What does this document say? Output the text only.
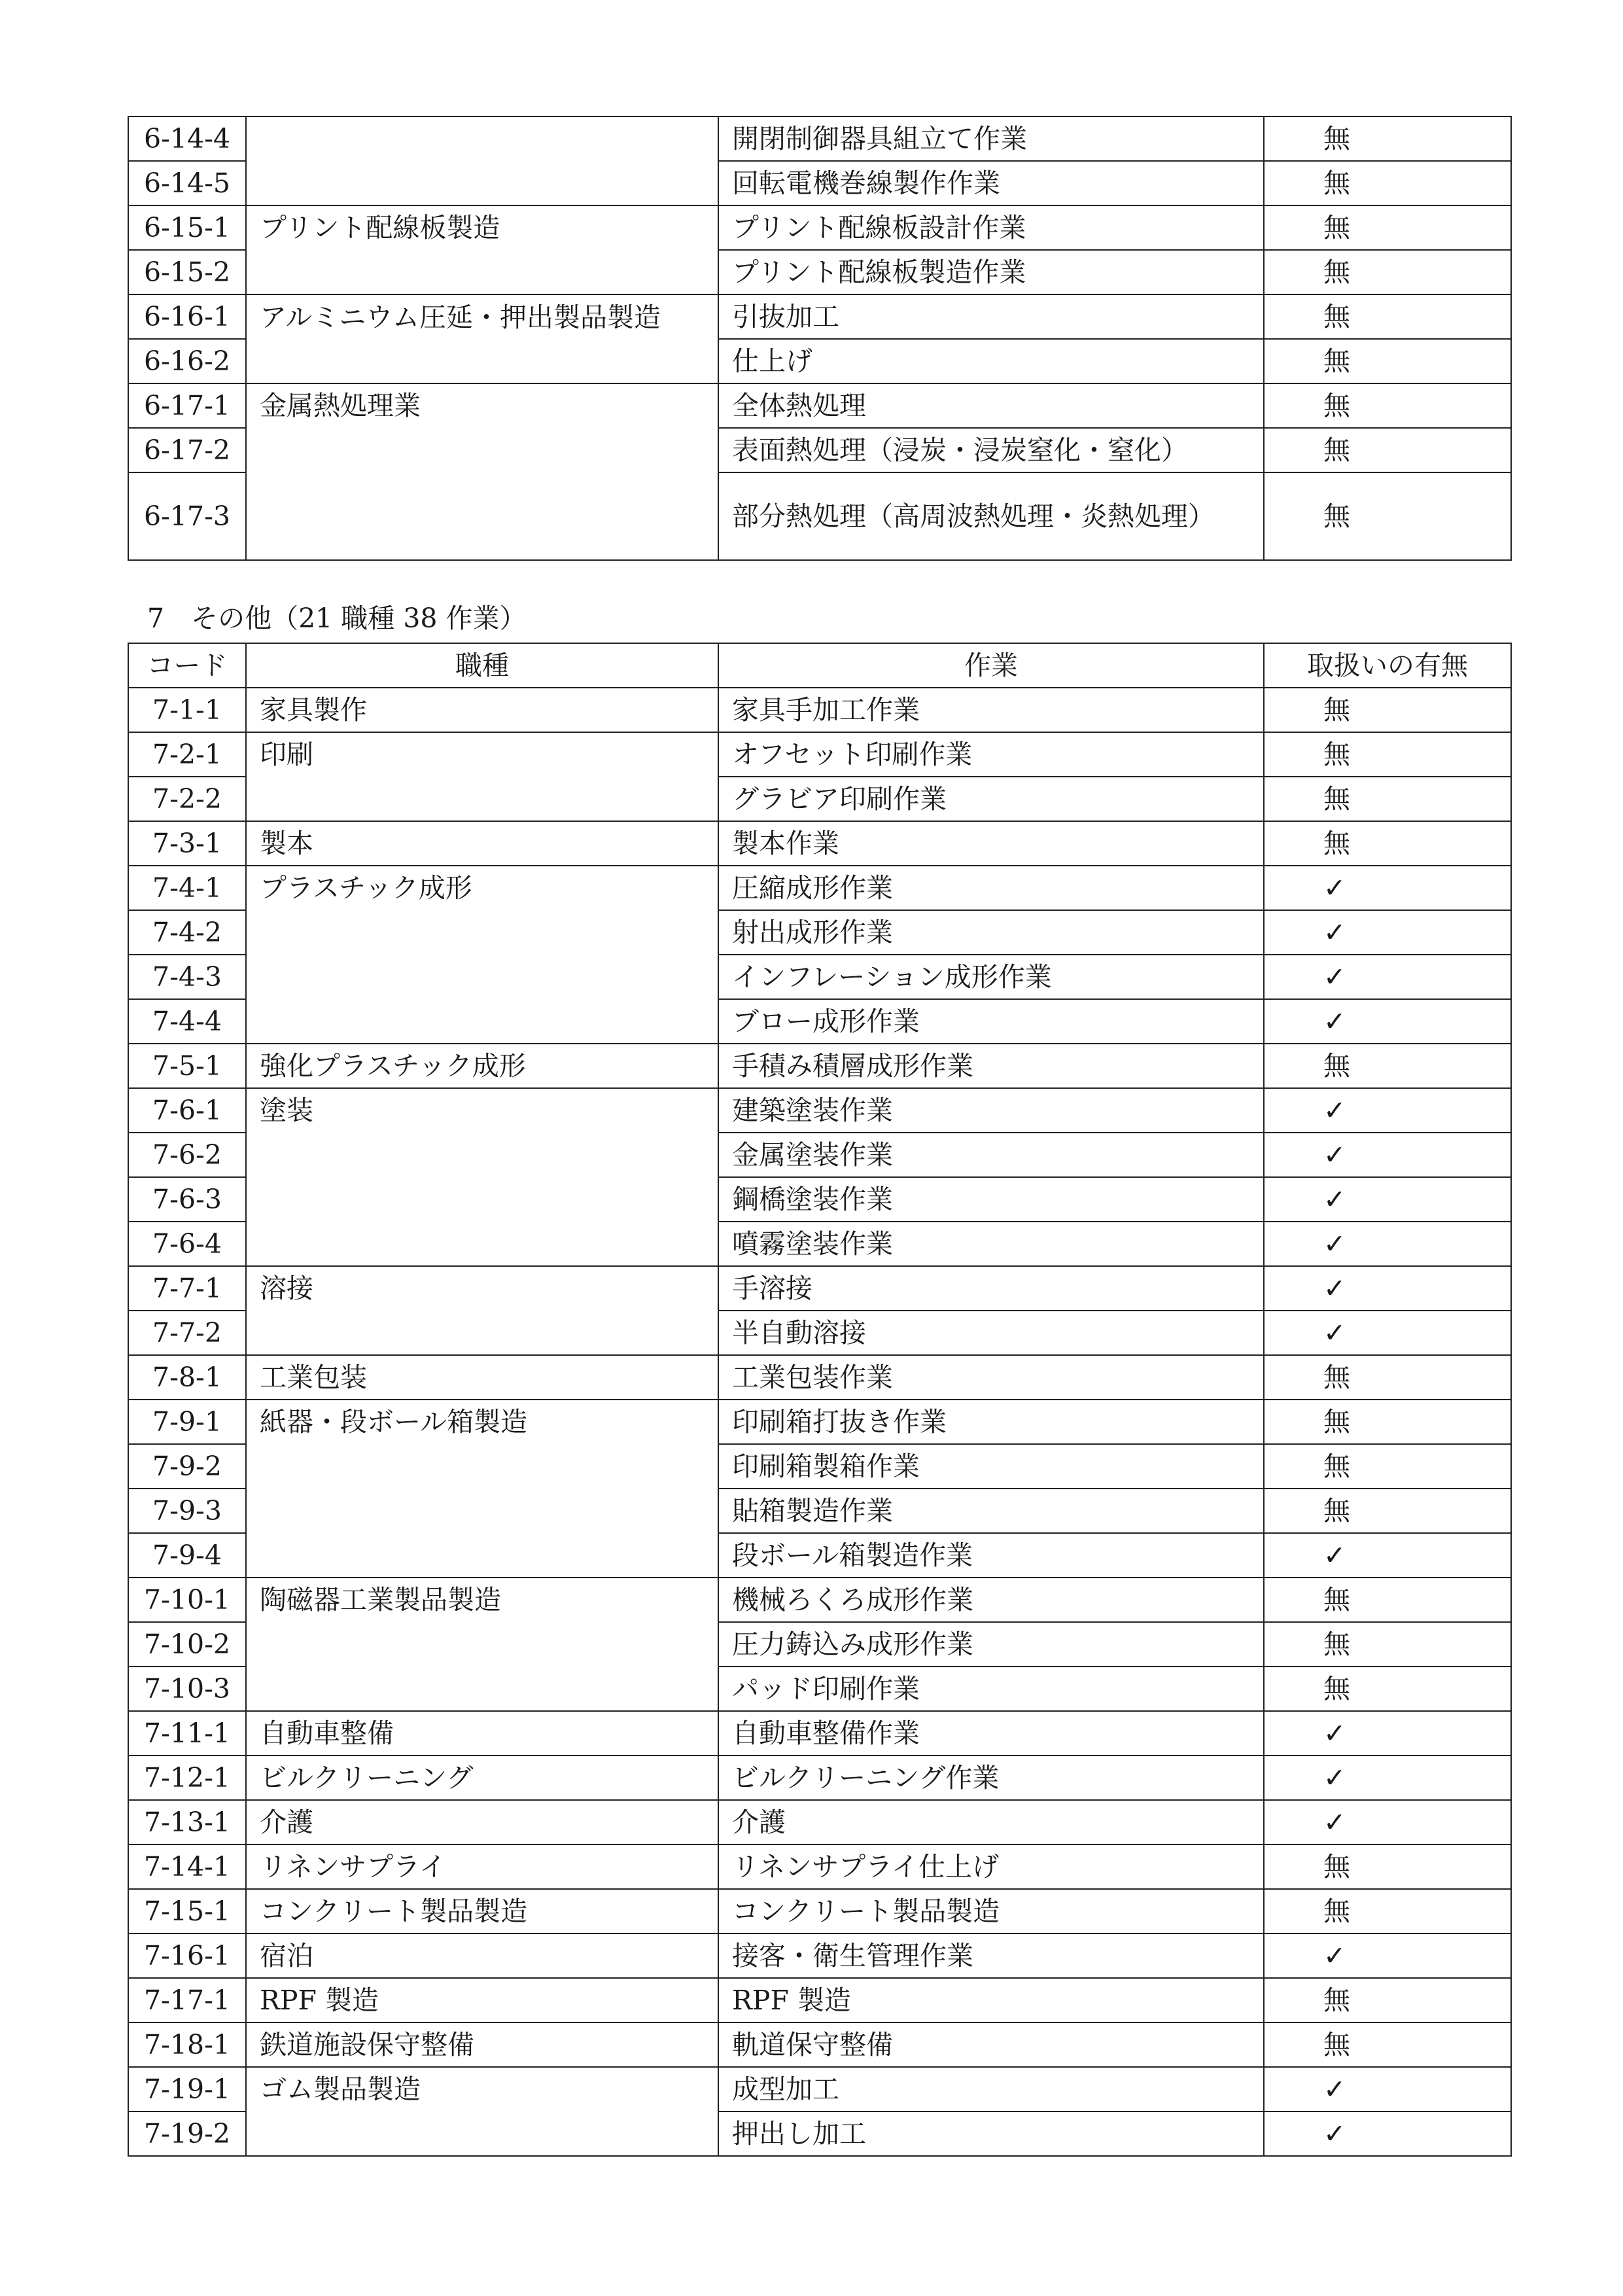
6-14-4		開閉制御器具組立て作業	無
6-14-5		回転電機巻線製作作業	無
6-15-1	プリント配線板製造	プリント配線板設計作業	無
6-15-2		プリント配線板製造作業	無
6-16-1	アルミニウム圧延・押出製品製造	引抜加工	無
6-16-2		仕上げ	無
6-17-1	金属熱処理業	全体熱処理	無
6-17-2		表面熱処理（浸炭・浸炭窒化・窒化）	無
6-17-3		部分熱処理（高周波熱処理・炎熱処理）	無
7　その他（21 職種 38 作業）
コード	職種	作業	取扱いの有無
7-1-1	家具製作	家具手加工作業	無
7-2-1	印刷	オフセット印刷作業	無
7-2-2		グラビア印刷作業	無
7-3-1	製本	製本作業	無
7-4-1	プラスチック成形	圧縮成形作業	✓
7-4-2		射出成形作業	✓
7-4-3		インフレーション成形作業	✓
7-4-4		ブロー成形作業	✓
7-5-1	強化プラスチック成形	手積み積層成形作業	無
7-6-1	塗装	建築塗装作業	✓
7-6-2		金属塗装作業	✓
7-6-3		鋼橋塗装作業	✓
7-6-4		噴霧塗装作業	✓
7-7-1	溶接	手溶接	✓
7-7-2		半自動溶接	✓
7-8-1	工業包装	工業包装作業	無
7-9-1	紙器・段ボール箱製造	印刷箱打抜き作業	無
7-9-2		印刷箱製箱作業	無
7-9-3		貼箱製造作業	無
7-9-4		段ボール箱製造作業	✓
7-10-1	陶磁器工業製品製造	機械ろくろ成形作業	無
7-10-2		圧力鋳込み成形作業	無
7-10-3		パッド印刷作業	無
7-11-1	自動車整備	自動車整備作業	✓
7-12-1	ビルクリーニング	ビルクリーニング作業	✓
7-13-1	介護	介護	✓
7-14-1	リネンサプライ	リネンサプライ仕上げ	無
7-15-1	コンクリート製品製造	コンクリート製品製造	無
7-16-1	宿泊	接客・衛生管理作業	✓
7-17-1	RPF 製造	RPF 製造	無
7-18-1	鉄道施設保守整備	軌道保守整備	無
7-19-1	ゴム製品製造	成型加工	✓
7-19-2		押出し加工	✓
